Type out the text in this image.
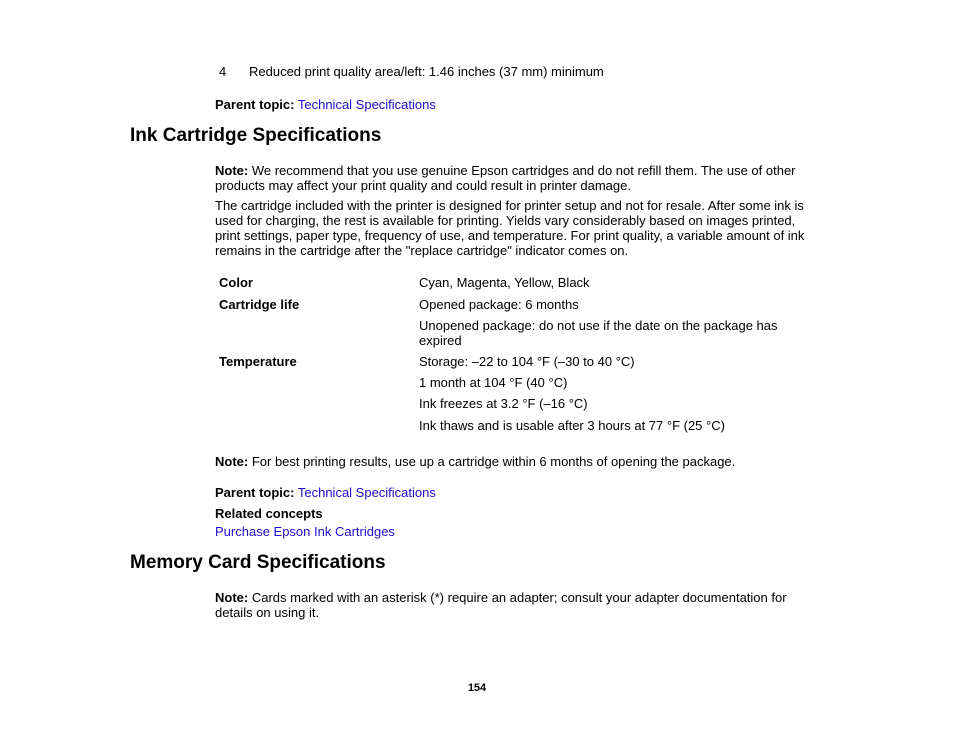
4 Reduced print quality area/left: 1.46 inches (37 mm) minimum
Parent topic: Technical Specifications
Ink Cartridge Specifications

Note: We recommend that you use genuine Epson cartridges and do not refill them. The use of other products may affect your print quality and could result in printer damage.

The cartridge included with the printer is designed for printer setup and not for resale. After some ink is used for charging, the rest is available for printing. Yields vary considerably based on images printed, print settings, paper type, frequency of use, and temperature. For print quality, a variable amount of ink remains in the cartridge after the "replace cartridge" indicator comes on.

Color	Cyan, Magenta, Yellow, Black
Cartridge life	Opened package: 6 months
Unopened package: do not use if the date on the package has expired
Temperature	Storage: –22 to 104 °F (–30 to 40 °C)
1 month at 104 °F (40 °C)
Ink freezes at 3.2 °F (–16 °C)
Ink thaws and is usable after 3 hours at 77 °F (25 °C)

Note: For best printing results, use up a cartridge within 6 months of opening the package.

Parent topic: Technical Specifications
Related concepts
Purchase Epson Ink Cartridges
Memory Card Specifications

Note: Cards marked with an asterisk (*) require an adapter; consult your adapter documentation for details on using it.

154
